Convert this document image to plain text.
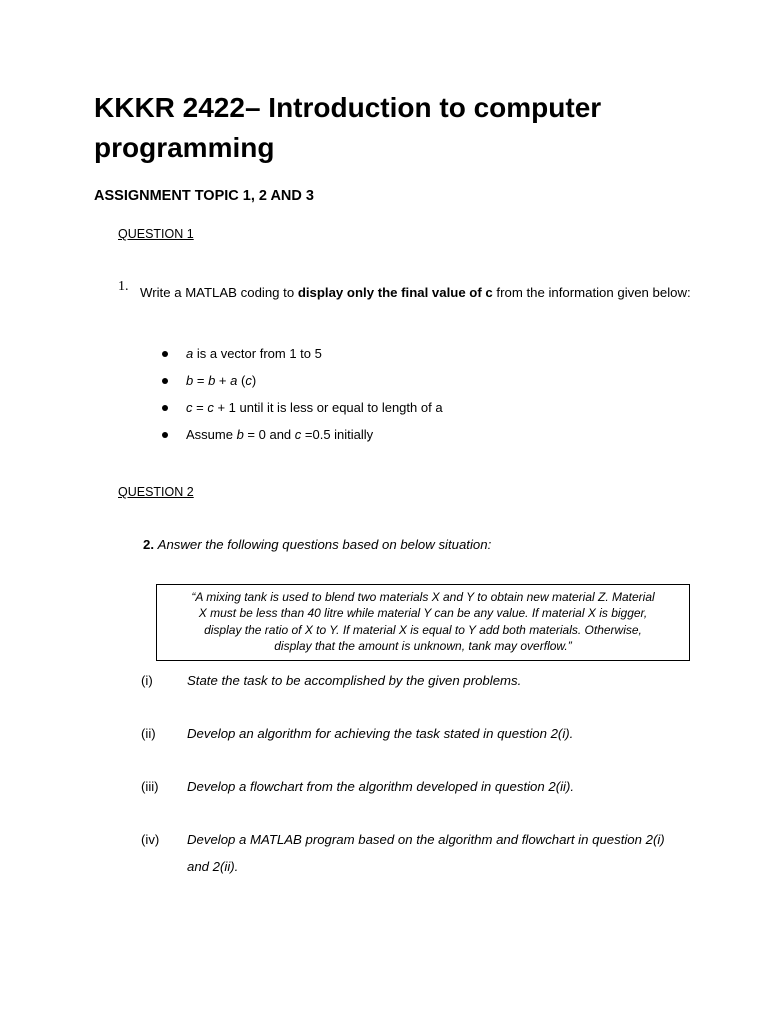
KKKR 2422– Introduction to computer programming
ASSIGNMENT TOPIC 1, 2 AND 3
QUESTION 1
1. Write a MATLAB coding to display only the final value of c from the information given below:
a is a vector from 1 to 5
b = b + a (c)
c = c + 1 until it is less or equal to length of a
Assume b = 0 and c =0.5 initially
QUESTION 2
2. Answer the following questions based on below situation:
“A mixing tank is used to blend two materials X and Y to obtain new material Z. Material
X must be less than 40 litre while material Y can be any value. If material X is bigger,
display the ratio of X to Y. If material X is equal to Y add both materials. Otherwise,
display that the amount is unknown, tank may overflow.”
(i)	State the task to be accomplished by the given problems.
(ii) Develop an algorithm for achieving the task stated in question 2(i).
(iii) Develop a flowchart from the algorithm developed in question 2(ii).
(iv) Develop a MATLAB program based on the algorithm and flowchart in question 2(i) and 2(ii).
